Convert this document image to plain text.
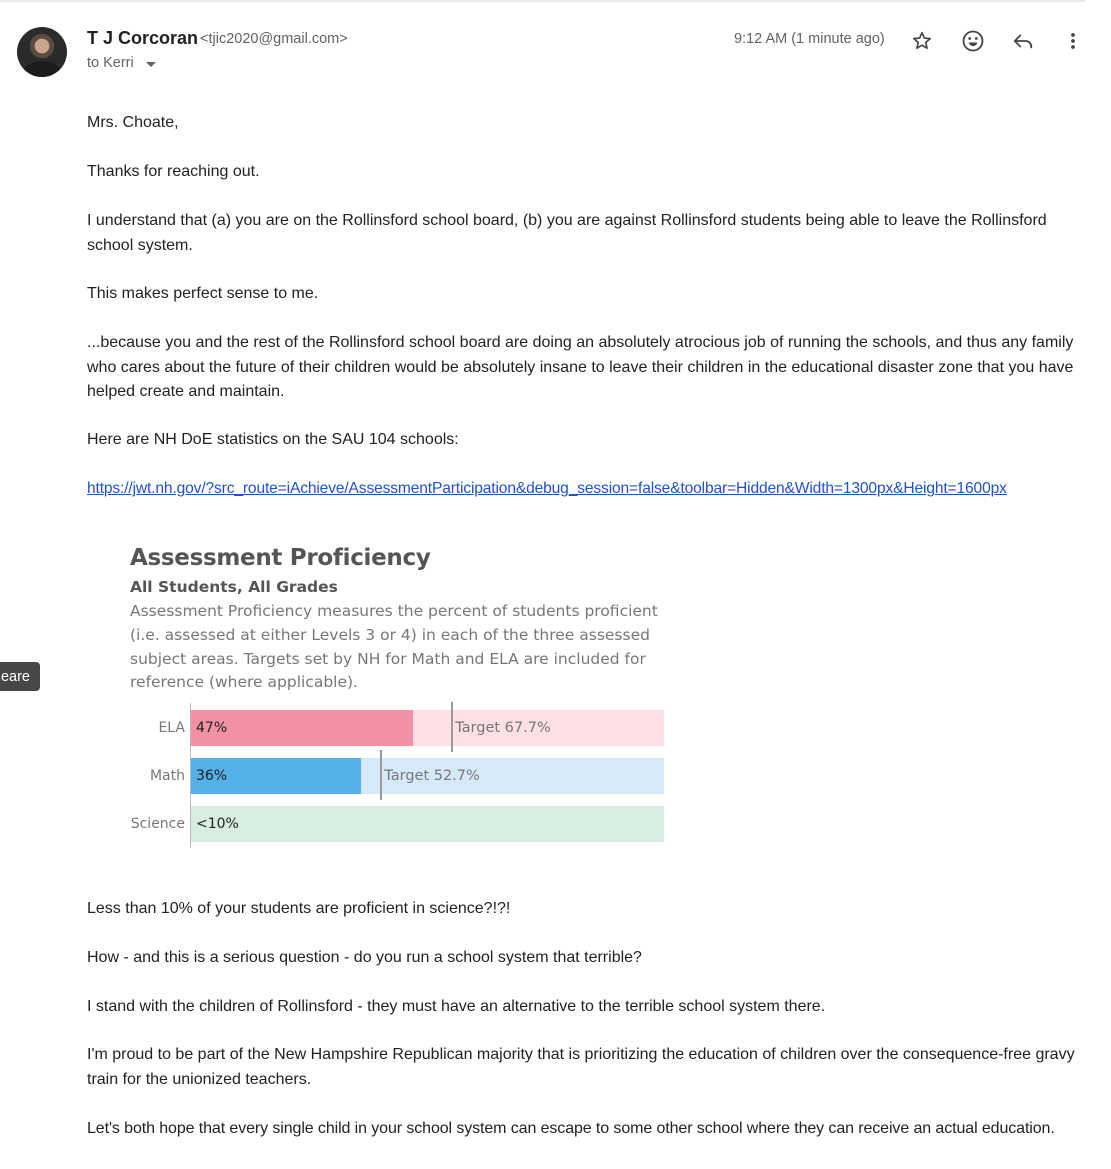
T J Corcoran <tjic2020@gmail.com>
to Kerri
9:12 AM (1 minute ago)
eare
Mrs. Choate,
Thanks for reaching out.
I understand that (a) you are on the Rollinsford school board, (b) you are against Rollinsford students being able to leave the Rollinsford school system.
This makes perfect sense to me.
...because you and the rest of the Rollinsford school board are doing an absolutely atrocious job of running the schools, and thus any family who cares about the future of their children would be absolutely insane to leave their children in the educational disaster zone that you have helped create and maintain.
Here are NH DoE statistics on the SAU 104 schools:
https://jwt.nh.gov/?src_route=iAchieve/AssessmentParticipation&debug_session=false&toolbar=Hidden&Width=1300px&Height=1600px
Less than 10% of your students are proficient in science?!?!
How - and this is a serious question - do you run a school system that terrible?
I stand with the children of Rollinsford - they must have an alternative to the terrible school system there.
I'm proud to be part of the New Hampshire Republican majority that is prioritizing the education of children over the consequence-free gravy train for the unionized teachers.
Let's both hope that every single child in your school system can escape to some other school where they can receive an actual education.
Assessment Proficiency
All Students, All Grades
Assessment Proficiency measures the percent of students proficient (i.e. assessed at either Levels 3 or 4) in each of the three assessed subject areas. Targets set by NH for Math and ELA are included for reference (where applicable).
ELA 47%	Target 67.7%
Math 36%	Target 52.7%
Science <10%
